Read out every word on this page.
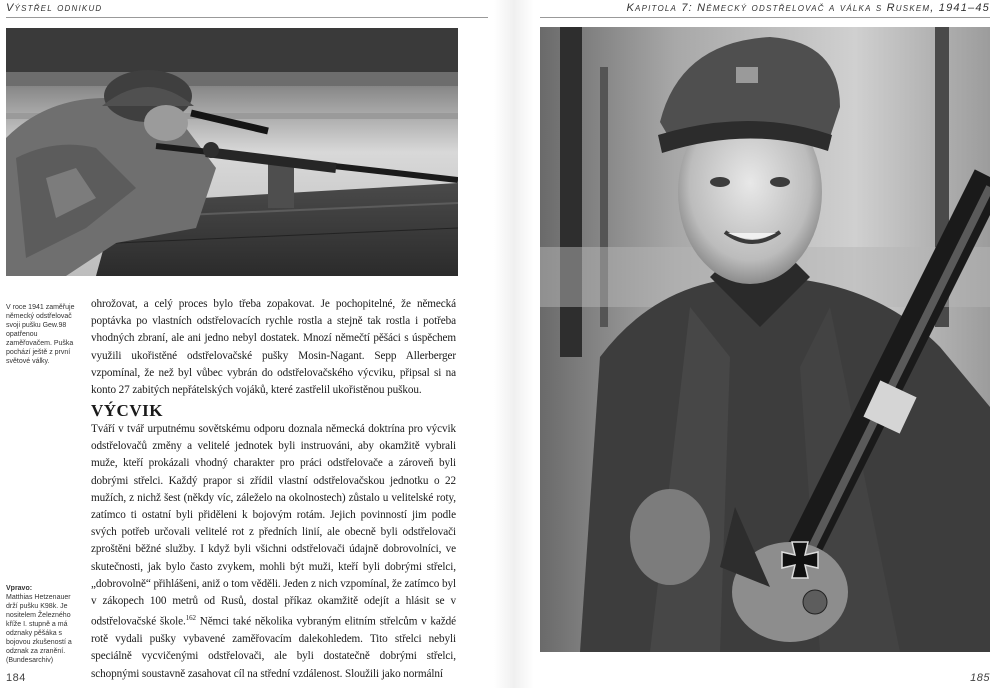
Výstřel odnikud	Kapitola 7: Německý odstřelovač a válka s Ruskem, 1941–45
V roce 1941 zaměřuje německý odstřelovač svoji pušku Gew.98 opatřenou zaměřovačem. Puška pochází ještě z první světové války.

ohrožovat, a celý proces bylo třeba zopakovat. Je pochopitelné, že německá poptávka po vlastních odstřelovacích rychle rostla a stejně tak rostla i potřeba vhodných zbraní, ale ani jedno nebyl dostatek. Mnozí němečtí pěšáci s úspěchem využili ukořistěné odstřelovačské pušky Mosin-Nagant. Sepp Allerberger vzpomínal, že než byl vůbec vybrán do odstřelovačského výcviku, připsal si na konto 27 zabitých nepřátelských vojáků, které zastřelil ukořistěnou puškou.

VÝCVIK

Tváří v tvář urputnému sovětskému odporu doznala německá doktrína pro výcvik odstřelovačů změny a velitelé jednotek byli instruováni, aby okamžitě vybrali muže, kteří prokázali vhodný charakter pro práci odstřelovače a zároveň byli dobrými střelci. Každý prapor si zřídil vlastní odstřelovačskou jednotku o 22 mužích, z nichž šest (někdy víc, záleželo na okolnostech) zůstalo u velitelské roty, zatímco ti ostatní byli přiděleni k bojovým rotám. Jejich povinností jim podle svých potřeb určovali velitelé rot z předních linií, ale obecně byli odstřelovači zproštěni běžné služby. I když byli všichni odstřelovači údajně dobrovolníci, ve skutečnosti, jak bylo často zvykem, mohli být muži, kteří byli dobrými střelci, „dobrovolně“ přihlášeni, aniž o tom věděli. Jeden z nich vzpomínal, že zatímco byl v zákopech 100 metrů od Rusů, dostal příkaz okamžitě odejít a hlásit se v odstřelovačské škole.$^{162}$ Němci také několika vybraným elitním střelcům v každé rotě vydali pušky vybavené zaměřovacím dalekohledem. Tito střelci nebyli speciálně vycvičenými odstřelovači, ale byli dostatečně dobrými střelci, schopnými soustavně zasahovat cíl na střední vzdálenost. Sloužili jako normální

Vpravo:
Matthias Hetzenauer drží pušku K98k. Je nositelem Železného kříže I. stupně a má odznaky pěšáka s bojovou zkušeností a odznak za zranění. (Bundesarchiv)
184	185
